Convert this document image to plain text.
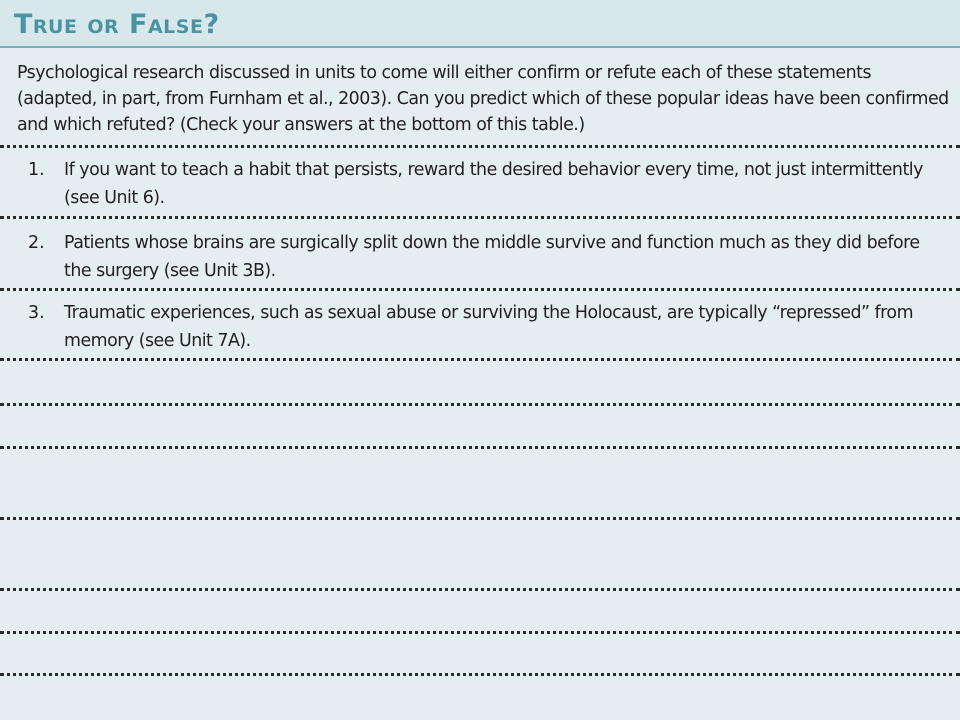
True or False?

Psychological research discussed in units to come will either confirm or refute each of these statements (adapted, in part, from Furnham et al., 2003). Can you predict which of these popular ideas have been confirmed and which refuted? (Check your answers at the bottom of this table.)

1. If you want to teach a habit that persists, reward the desired behavior every time, not just intermittently (see Unit 6).
2. Patients whose brains are surgically split down the middle survive and function much as they did before the surgery (see Unit 3B).
3. Traumatic experiences, such as sexual abuse or surviving the Holocaust, are typically “repressed” from memory (see Unit 7A).
